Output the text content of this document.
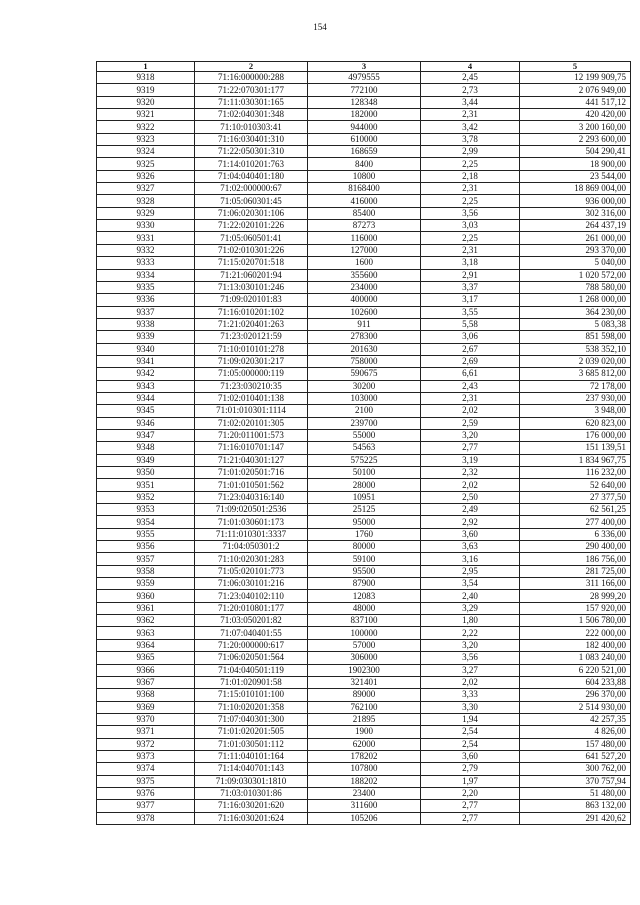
154
1	2	3	4	5
9318	71:16:000000:288	4979555	2,45	12 199 909,75
9319	71:22:070301:177	772100	2,73	2 076 949,00
9320	71:11:030301:165	128348	3,44	441 517,12
9321	71:02:040301:348	182000	2,31	420 420,00
9322	71:10:010303:41	944000	3,42	3 200 160,00
9323	71:16:030401:310	610000	3,78	2 293 600,00
9324	71:22:050301:310	168659	2,99	504 290,41
9325	71:14:010201:763	8400	2,25	18 900,00
9326	71:04:040401:180	10800	2,18	23 544,00
9327	71:02:000000:67	8168400	2,31	18 869 004,00
9328	71:05:060301:45	416000	2,25	936 000,00
9329	71:06:020301:106	85400	3,56	302 316,00
9330	71:22:020101:226	87273	3,03	264 437,19
9331	71:05:060501:41	116000	2,25	261 000,00
9332	71:02:010301:226	127000	2,31	293 370,00
9333	71:15:020701:518	1600	3,18	5 040,00
9334	71:21:060201:94	355600	2,91	1 020 572,00
9335	71:13:030101:246	234000	3,37	788 580,00
9336	71:09:020101:83	400000	3,17	1 268 000,00
9337	71:16:010201:102	102600	3,55	364 230,00
9338	71:21:020401:263	911	5,58	5 083,38
9339	71:23:020121:59	278300	3,06	851 598,00
9340	71:10:010101:278	201630	2,67	538 352,10
9341	71:09:020301:217	758000	2,69	2 039 020,00
9342	71:05:000000:119	590675	6,61	3 685 812,00
9343	71:23:030210:35	30200	2,43	72 178,00
9344	71:02:010401:138	103000	2,31	237 930,00
9345	71:01:010301:1114	2100	2,02	3 948,00
9346	71:02:020101:305	239700	2,59	620 823,00
9347	71:20:011001:573	55000	3,20	176 000,00
9348	71:16:010701:147	54563	2,77	151 139,51
9349	71:21:040301:127	575225	3,19	1 834 967,75
9350	71:01:020501:716	50100	2,32	116 232,00
9351	71:01:010501:562	28000	2,02	52 640,00
9352	71:23:040316:140	10951	2,50	27 377,50
9353	71:09:020501:2536	25125	2,49	62 561,25
9354	71:01:030601:173	95000	2,92	277 400,00
9355	71:11:010301:3337	1760	3,60	6 336,00
9356	71:04:050301:2	80000	3,63	290 400,00
9357	71:10:020301:283	59100	3,16	186 756,00
9358	71:05:020101:773	95500	2,95	281 725,00
9359	71:06:030101:216	87900	3,54	311 166,00
9360	71:23:040102:110	12083	2,40	28 999,20
9361	71:20:010801:177	48000	3,29	157 920,00
9362	71:03:050201:82	837100	1,80	1 506 780,00
9363	71:07:040401:55	100000	2,22	222 000,00
9364	71:20:000000:617	57000	3,20	182 400,00
9365	71:06:020501:564	306000	3,56	1 083 240,00
9366	71:04:040501:119	1902300	3,27	6 220 521,00
9367	71:01:020901:58	321401	2,02	604 233,88
9368	71:15:010101:100	89000	3,33	296 370,00
9369	71:10:020201:358	762100	3,30	2 514 930,00
9370	71:07:040301:300	21895	1,94	42 257,35
9371	71:01:020201:505	1900	2,54	4 826,00
9372	71:01:030501:112	62000	2,54	157 480,00
9373	71:11:040101:164	178202	3,60	641 527,20
9374	71:14:040701:143	107800	2,79	300 762,00
9375	71:09:030301:1810	188202	1,97	370 757,94
9376	71:03:010301:86	23400	2,20	51 480,00
9377	71:16:030201:620	311600	2,77	863 132,00
9378	71:16:030201:624	105206	2,77	291 420,62
